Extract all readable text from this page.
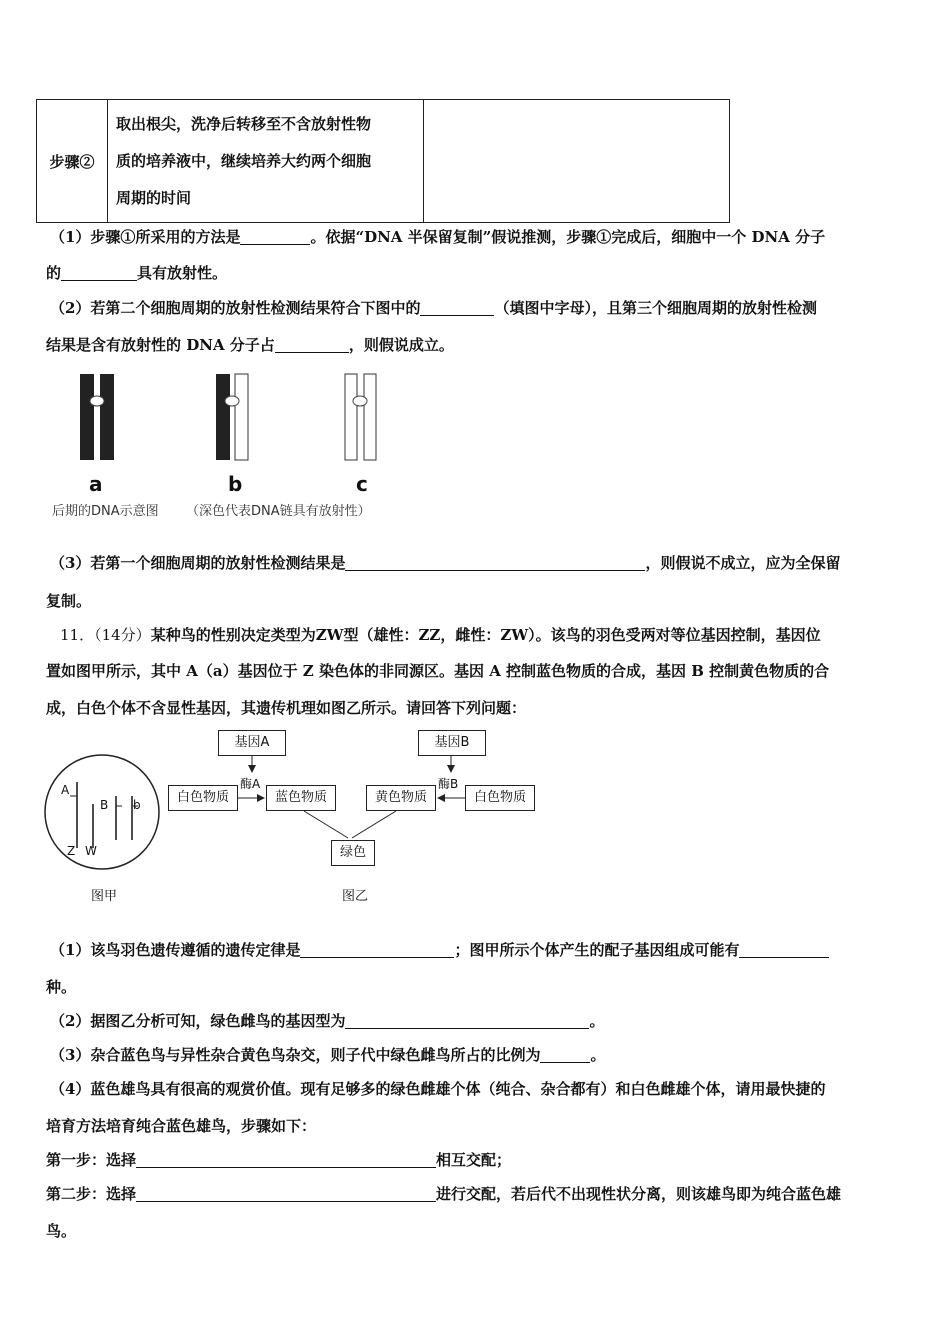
步骤②	
取出根尖，洗净后转移至不含放射性物
质的培养液中，继续培养大约两个细胞
周期的时间

（1）步骤①所采用的方法是	。依据“DNA 半保留复制”假说推测，步骤①完成后，细胞中一个 DNA 分子
的	具有放射性。
（2）若第二个细胞周期的放射性检测结果符合下图中的	（填图中字母），且第三个细胞周期的放射性检测
结果是含有放射性的 DNA 分子占	，则假说成立。
a	b	c
后期的DNA示意图 （深色代表DNA链具有放射性）
（3）若第一个细胞周期的放射性检测结果是	，则假说不成立，应为全保留
复制。
11．（14分）某种鸟的性别决定类型为ZW型（雄性：ZZ，雌性：ZW）。该鸟的羽色受两对等位基因控制，基因位
置如图甲所示，其中 A（a）基因位于 Z 染色体的非同源区。基因 A 控制蓝色物质的合成，基因 B 控制黄色物质的合
成，白色个体不含显性基因，其遗传机理如图乙所示。请回答下列问题：
A
B b
Z W
图甲
基因A	基因B
酶A	酶B
白色物质	蓝色物质	黄色物质	白色物质
绿色
图乙
（1）该鸟羽色遗传遵循的遗传定律是	；图甲所示个体产生的配子基因组成可能有
种。
（2）据图乙分析可知，绿色雌鸟的基因型为	。
（3）杂合蓝色鸟与异性杂合黄色鸟杂交，则子代中绿色雌鸟所占的比例为	。
（4）蓝色雄鸟具有很高的观赏价值。现有足够多的绿色雌雄个体（纯合、杂合都有）和白色雌雄个体，请用最快捷的
培育方法培育纯合蓝色雄鸟，步骤如下：
第一步：选择	相互交配；
第二步：选择	进行交配，若后代不出现性状分离，则该雄鸟即为纯合蓝色雄
鸟。
